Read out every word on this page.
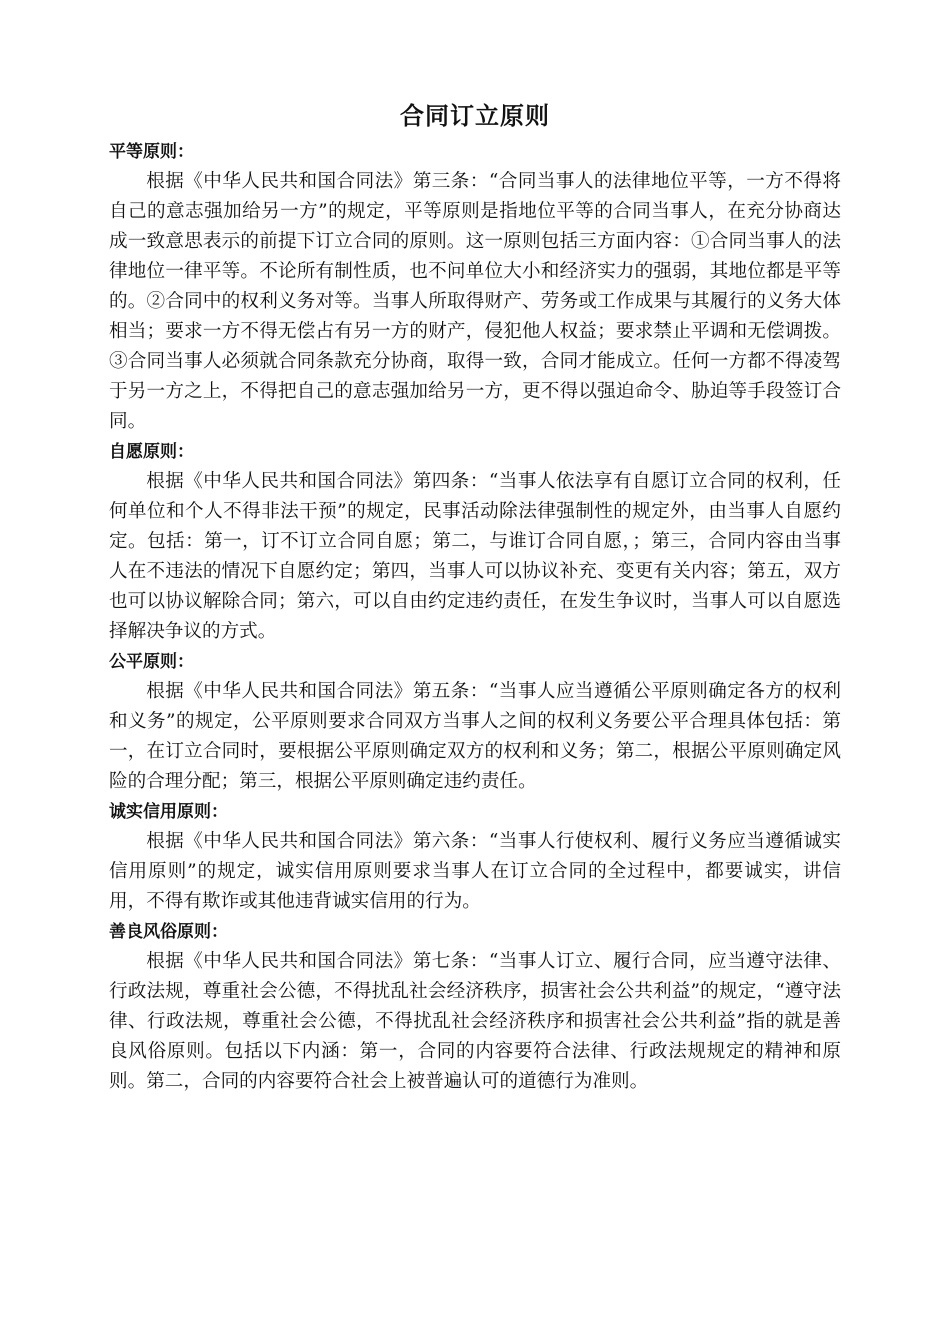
合同订立原则
平等原则：

根据《中华人民共和国合同法》第三条：“合同当事人的法律地位平等，一方不得将自己的意志强加给另一方”的规定，平等原则是指地位平等的合同当事人，在充分协商达成一致意思表示的前提下订立合同的原则。这一原则包括三方面内容：①合同当事人的法律地位一律平等。不论所有制性质，也不问单位大小和经济实力的强弱，其地位都是平等的。②合同中的权利义务对等。当事人所取得财产、劳务或工作成果与其履行的义务大体相当；要求一方不得无偿占有另一方的财产，侵犯他人权益；要求禁止平调和无偿调拨。③合同当事人必须就合同条款充分协商，取得一致，合同才能成立。任何一方都不得凌驾于另一方之上，不得把自己的意志强加给另一方，更不得以强迫命令、胁迫等手段签订合同。

自愿原则：

根据《中华人民共和国合同法》第四条：“当事人依法享有自愿订立合同的权利，任何单位和个人不得非法干预”的规定，民事活动除法律强制性的规定外，由当事人自愿约定。包括：第一，订不订立合同自愿；第二，与谁订合同自愿，；第三，合同内容由当事人在不违法的情况下自愿约定；第四，当事人可以协议补充、变更有关内容；第五，双方也可以协议解除合同；第六，可以自由约定违约责任，在发生争议时，当事人可以自愿选择解决争议的方式。

公平原则：

根据《中华人民共和国合同法》第五条：“当事人应当遵循公平原则确定各方的权利和义务”的规定，公平原则要求合同双方当事人之间的权利义务要公平合理具体包括：第一，在订立合同时，要根据公平原则确定双方的权利和义务；第二，根据公平原则确定风险的合理分配；第三，根据公平原则确定违约责任。

诚实信用原则：

根据《中华人民共和国合同法》第六条：“当事人行使权利、履行义务应当遵循诚实信用原则”的规定，诚实信用原则要求当事人在订立合同的全过程中，都要诚实，讲信用，不得有欺诈或其他违背诚实信用的行为。

善良风俗原则：

根据《中华人民共和国合同法》第七条：“当事人订立、履行合同，应当遵守法律、行政法规，尊重社会公德，不得扰乱社会经济秩序，损害社会公共利益”的规定，“遵守法律、行政法规，尊重社会公德，不得扰乱社会经济秩序和损害社会公共利益”指的就是善良风俗原则。包括以下内涵：第一，合同的内容要符合法律、行政法规规定的精神和原则。第二，合同的内容要符合社会上被普遍认可的道德行为准则。
